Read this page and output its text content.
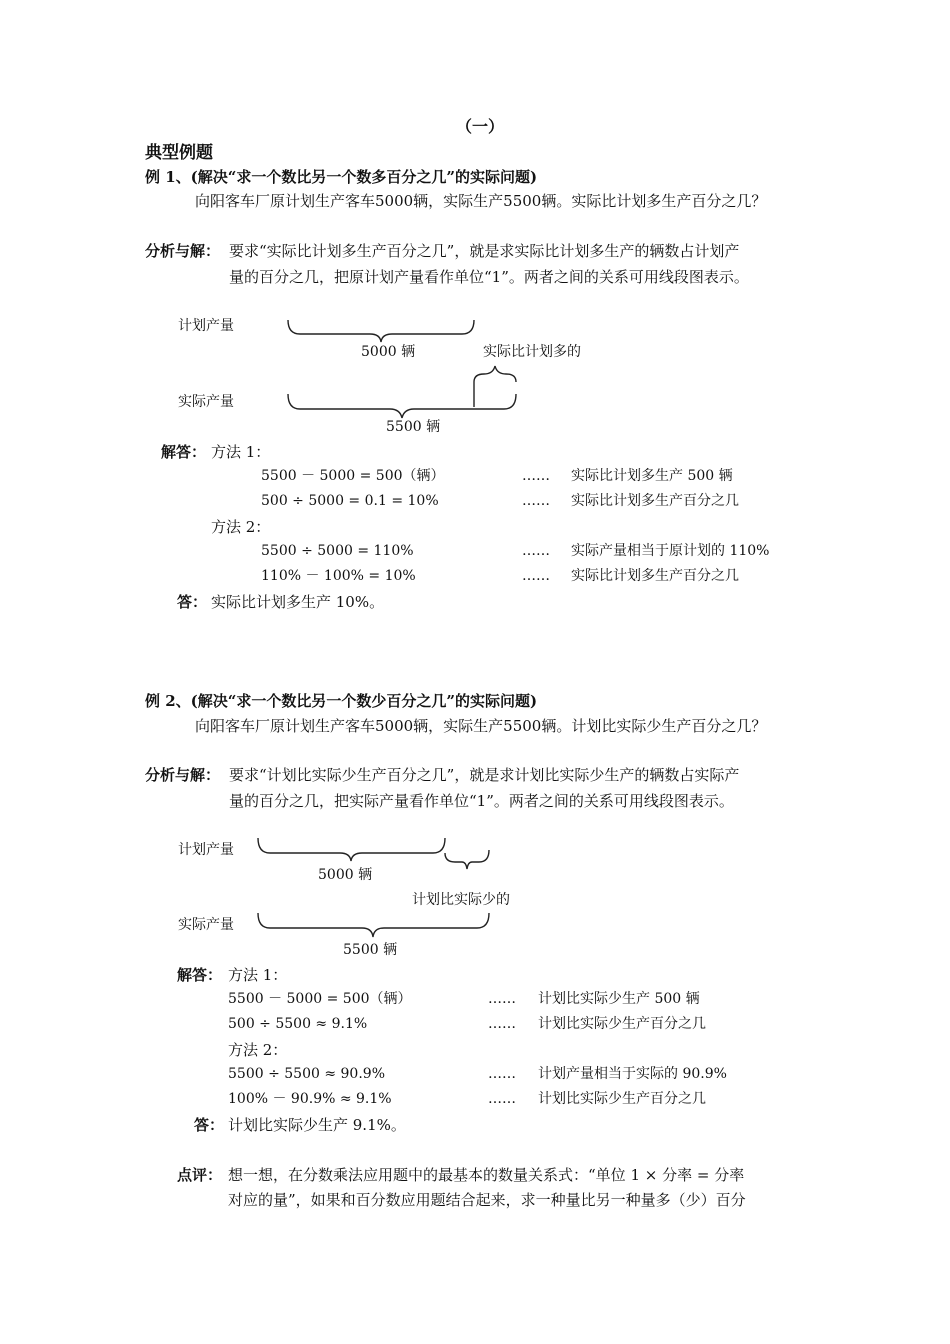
（一）
典型例题
例 1、(解决“求一个数比另一个数多百分之几”的实际问题)
向阳客车厂原计划生产客车5000辆，实际生产5500辆。实际比计划多生产百分之几？
分析与解： 要求“实际比计划多生产百分之几”，就是求实际比计划多生产的辆数占计划产
量的百分之几，把原计划产量看作单位“1”。两者之间的关系可用线段图表示。
计划产量
5000 辆	实际比计划多的
实际产量
5500 辆
解答： 方法 1：
5500 － 5000 = 500（辆）	…… 实际比计划多生产 500 辆
500 ÷ 5000 = 0.1 = 10%	…… 实际比计划多生产百分之几
方法 2：
5500 ÷ 5000 = 110%	…… 实际产量相当于原计划的 110%
110% － 100% = 10%	…… 实际比计划多生产百分之几
答： 实际比计划多生产 10%。
例 2、(解决“求一个数比另一个数少百分之几”的实际问题)
向阳客车厂原计划生产客车5000辆，实际生产5500辆。计划比实际少生产百分之几？
分析与解： 要求“计划比实际少生产百分之几”，就是求计划比实际少生产的辆数占实际产
量的百分之几，把实际产量看作单位“1”。两者之间的关系可用线段图表示。
计划产量
5000 辆
计划比实际少的
实际产量
5500 辆
解答： 方法 1：
5500 － 5000 = 500（辆）	…… 计划比实际少生产 500 辆
500 ÷ 5500 ≈ 9.1%	…… 计划比实际少生产百分之几
方法 2：
5500 ÷ 5500 ≈ 90.9%	…… 计划产量相当于实际的 90.9%
100% － 90.9% ≈ 9.1%	…… 计划比实际少生产百分之几
答： 计划比实际少生产 9.1%。
点评： 想一想，在分数乘法应用题中的最基本的数量关系式：“单位 1 × 分率 = 分率
对应的量”，如果和百分数应用题结合起来，求一种量比另一种量多（少）百分
